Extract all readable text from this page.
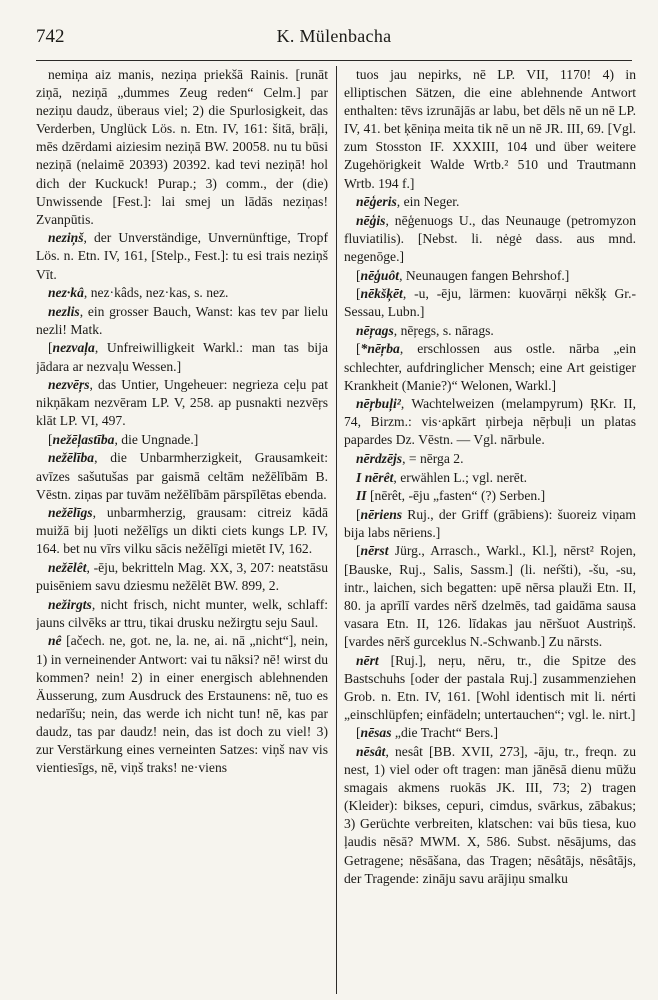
742	K. Mülenbacha

nemiņa aiz manis, neziņa priekšā Rainis. [runāt ziņā, neziņā „dummes Zeug reden“ Celm.] par neziņu daudz, überaus viel; 2) die Spurlosigkeit, das Verderben, Unglück Lös. n. Etn. IV, 161: šitā, brāļi, mēs dzērdami aiziesim neziņā BW. 20058. nu tu būsi neziņā (nelaimē 20393) 20392. kad tevi neziņā! hol dich der Kuckuck! Purap.; 3) comm., der (die) Unwissende [Fest.]: lai smej un lādās neziņas! Zvanpūtis.

neziņš, der Unverständige, Unvernünftige, Tropf Lös. n. Etn. IV, 161, [Stelp., Fest.]: tu esi trais neziņš Vīt.

nez·kâ, nez·kâds, nez·kas, s. nez.

nezlis, ein grosser Bauch, Wanst: kas tev par lielu nezli! Matk.

[nezvaļa, Unfreiwilligkeit Warkl.: man tas bija jādara ar nezvaļu Wessen.]

nezvēŗs, das Untier, Ungeheuer: negrieza ceļu pat nikņākam nezvēram LP. V, 258. ap pusnakti nezvēŗs klāt LP. VI, 497.

[nežēļastība, die Ungnade.]

nežēlība, die Unbarmherzigkeit, Grausamkeit: avīzes sašutušas par gaismā celtām nežēlībām B. Vēstn. ziņas par tuvām nežēlībām pārspīlētas ebenda.

nežēlīgs, unbarmherzig, grausam: citreiz kādā muižā bij ļuoti nežēlīgs un dikti ciets kungs LP. IV, 164. bet nu vīrs vilku sācis nežēlīgi mietēt IV, 162.

nežēlêt, -ēju, bekritteln Mag. XX, 3, 207: neatstāsu puisēniem savu dziesmu nežēlēt BW. 899, 2.

nežirgts, nicht frisch, nicht munter, welk, schlaff: jauns cilvēks ar ttru, tikai drusku nežirgtu seju Saul.

nê [ačech. ne, got. ne, la. ne, ai. nā „nicht“], nein, 1) in verneinender Antwort: vai tu nāksi? nē! wirst du kommen? nein! 2) in einer energisch ablehnenden Äusserung, zum Ausdruck des Erstaunens: nē, tuo es nedarīšu; nein, das werde ich nicht tun! nē, kas par daudz, tas par daudz! nein, das ist doch zu viel! 3) zur Verstärkung eines verneinten Satzes: viņš nav vis vientiesīgs, nē, viņš traks! ne·viens

tuos jau nepirks, nē LP. VII, 1170! 4) in elliptischen Sätzen, die eine ablehnende Antwort enthalten: tēvs izrunājās ar labu, bet dēls nē un nē LP. IV, 41. bet ķēniņa meita tik nē un nē JR. III, 69. [Vgl. zum Stosston IF. XXXIII, 104 und über weitere Zugehörigkeit Walde Wrtb.² 510 und Trautmann Wrtb. 194 f.]

nēģeris, ein Neger.

nēģis, nēģenuogs U., das Neunauge (petromyzon fluviatilis). [Nebst. li. nėgė dass. aus mnd. negenōge.]

[nēģuôt, Neunaugen fangen Behrshof.]

[nēkšķēt, -u, -ēju, lärmen: kuovārņi nēkšķ Gr.-Sessau, Lubn.]

nēŗags, nēŗegs, s. nārags.

[*nēŗba, erschlossen aus ostle. nārba „ein schlechter, aufdringlicher Mensch; eine Art geistiger Krankheit (Manie?)“ Welonen, Warkl.]

nēŗbuļi², Wachtelweizen (melampyrum) ŖKr. II, 74, Birzm.: vis·apkārt ņirbeja nēŗbuļi un platas papardes Dz. Vēstn. — Vgl. nārbule.

nērdzējs, = nērga 2.

I nērêt, erwählen L.; vgl. nerēt.

II [nērêt, -ēju „fasten“ (?) Serben.]

[nēriens Ruj., der Griff (grābiens): šuoreiz viņam bija labs nēriens.]

[nērst Jürg., Arrasch., Warkl., Kl.], nērst² Rojen, [Bauske, Ruj., Salis, Sassm.] (li. neŕšti), -šu, -su, intr., laichen, sich begatten: upē nērsa plauži Etn. II, 80. ja aprīlī vardes nērš dzelmēs, tad gaidāma sausa vasara Etn. II, 126. līdakas jau nēršuot Austriņš. [vardes nērš gurceklus N.-Schwanb.] Zu nārsts.

nērt [Ruj.], neŗu, nēru, tr., die Spitze des Bastschuhs [oder der pastala Ruj.] zusammenziehen Grob. n. Etn. IV, 161. [Wohl identisch mit li. nérti „einschlüpfen; einfädeln; untertauchen“; vgl. le. nirt.]

[nēsas „die Tracht“ Bers.]

nēsât, nesât [BB. XVII, 273], -āju, tr., freqn. zu nest, 1) viel oder oft tragen: man jānēsā dienu mūžu smagais akmens ruokās JK. III, 73; 2) tragen (Kleider): bikses, cepuri, cimdus, svārkus, zābakus; 3) Gerüchte verbreiten, klatschen: vai būs tiesa, kuo ļaudis nēsā? MWM. X, 586. Subst. nēsājums, das Getragene; nēsāšana, das Tragen; nēsâtājs, nēsâtājs, der Tragende: zināju savu arājiņu smalku
